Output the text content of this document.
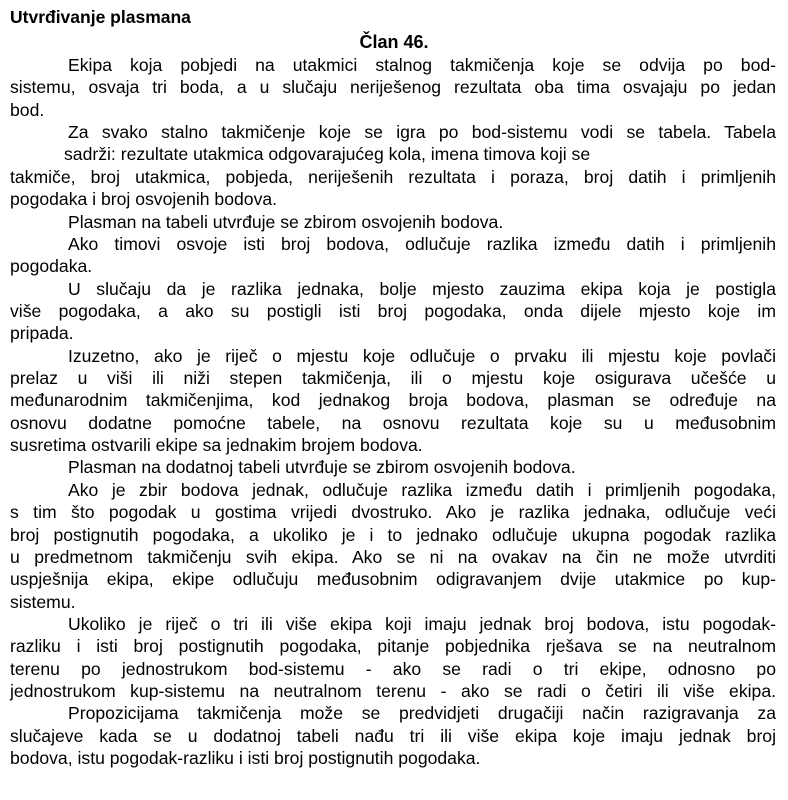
Utvrđivanje plasmana
Član 46.
Ekipa koja pobjedi na utakmici stalnog takmičenja koje se odvija po bod-
sistemu, osvaja tri boda, a u slučaju neriješenog rezultata oba tima osvajaju po jedan
bod.
Za svako stalno takmičenje koje se igra po bod-sistemu vodi se tabela. Tabela
sadrži: rezultate utakmica odgovarajućeg kola, imena timova koji se
takmiče, broj utakmica, pobjeda, neriješenih rezultata i poraza, broj datih i primljenih
pogodaka i broj osvojenih bodova.
Plasman na tabeli utvrđuje se zbirom osvojenih bodova.
Ako timovi osvoje isti broj bodova, odlučuje razlika između datih i primljenih
pogodaka.
U slučaju da je razlika jednaka, bolje mjesto zauzima ekipa koja je postigla
više pogodaka, a ako su postigli isti broj pogodaka, onda dijele mjesto koje im
pripada.
Izuzetno, ako je riječ o mjestu koje odlučuje o prvaku ili mjestu koje povlači
prelaz u viši ili niži stepen takmičenja, ili o mjestu koje osigurava učešće u
međunarodnim takmičenjima, kod jednakog broja bodova, plasman se određuje na
osnovu dodatne pomoćne tabele, na osnovu rezultata koje su u međusobnim
susretima ostvarili ekipe sa jednakim brojem bodova.
Plasman na dodatnoj tabeli utvrđuje se zbirom osvojenih bodova.
Ako je zbir bodova jednak, odlučuje razlika između datih i primljenih pogodaka,
s tim što pogodak u gostima vrijedi dvostruko. Ako je razlika jednaka, odlučuje veći
broj postignutih pogodaka, a ukoliko je i to jednako odlučuje ukupna pogodak razlika
u predmetnom takmičenju svih ekipa. Ako se ni na ovakav na čin ne može utvrditi
uspješnija ekipa, ekipe odlučuju međusobnim odigravanjem dvije utakmice po kup-
sistemu.
Ukoliko je riječ o tri ili više ekipa koji imaju jednak broj bodova, istu pogodak-
razliku i isti broj postignutih pogodaka, pitanje pobjednika rješava se na neutralnom
terenu po jednostrukom bod-sistemu - ako se radi o tri ekipe, odnosno po
jednostrukom kup-sistemu na neutralnom terenu - ako se radi o četiri ili više ekipa.
Propozicijama takmičenja može se predvidjeti drugačiji način razigravanja za
slučajeve kada se u dodatnoj tabeli nađu tri ili više ekipa koje imaju jednak broj
bodova, istu pogodak-razliku i isti broj postignutih pogodaka.
